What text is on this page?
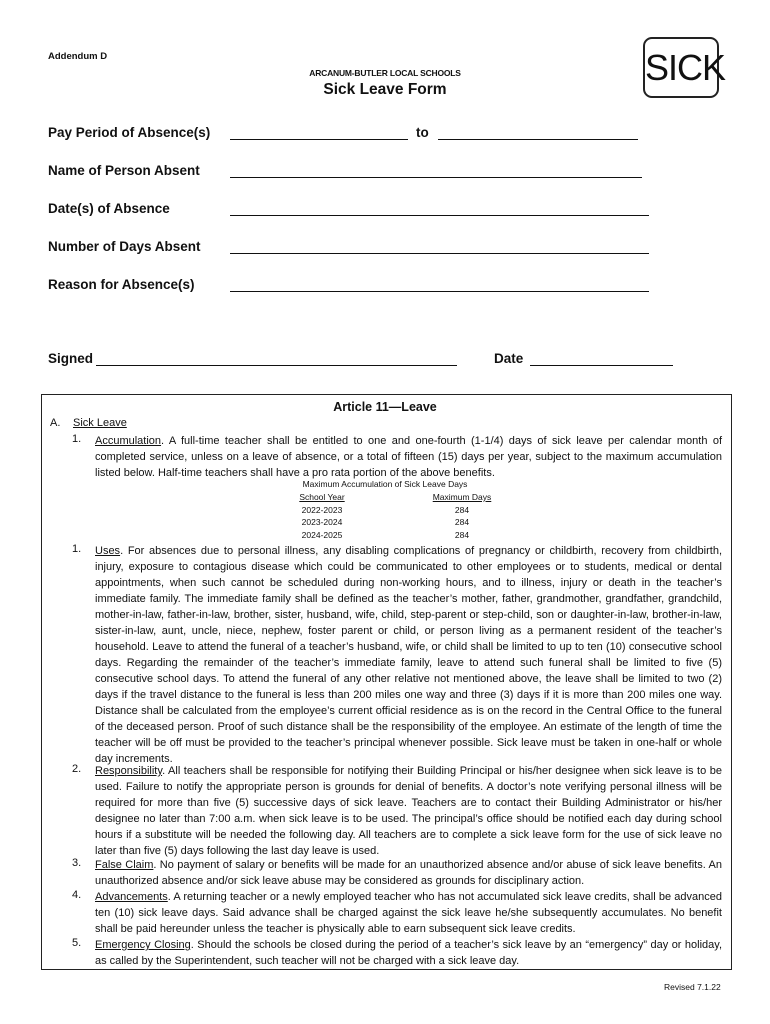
Addendum D
ARCANUM-BUTLER LOCAL SCHOOLS
Sick Leave Form
SICK
Pay Period of Absence(s)	to
Name of Person Absent
Date(s) of Absence
Number of Days Absent
Reason for Absence(s)
Signed	Date
Article 11—Leave
A. Sick Leave
1. Accumulation. A full-time teacher shall be entitled to one and one-fourth (1-1/4) days of sick leave per calendar month of completed service, unless on a leave of absence, or a total of fifteen (15) days per year, subject to the maximum accumulation listed below. Half-time teachers shall have a pro rata portion of the above benefits.
Maximum Accumulation of Sick Leave Days
School Year	Maximum Days
2022-2023	284
2023-2024	284
2024-2025	284
1. Uses. For absences due to personal illness, any disabling complications of pregnancy or childbirth, recovery from childbirth, injury, exposure to contagious disease which could be communicated to other employees or to students, medical or dental appointments, when such cannot be scheduled during non-working hours, and to illness, injury or death in the teacher’s immediate family. The immediate family shall be defined as the teacher’s mother, father, grandmother, grandfather, grandchild, mother-in-law, father-in-law, brother, sister, husband, wife, child, step-parent or step-child, son or daughter-in-law, brother-in-law, sister-in-law, aunt, uncle, niece, nephew, foster parent or child, or person living as a permanent resident of the teacher’s household. Leave to attend the funeral of a teacher’s husband, wife, or child shall be limited to up to ten (10) consecutive school days. Regarding the remainder of the teacher’s immediate family, leave to attend such funeral shall be limited to five (5) consecutive school days. To attend the funeral of any other relative not mentioned above, the leave shall be limited to two (2) days if the travel distance to the funeral is less than 200 miles one way and three (3) days if it is more than 200 miles one way. Distance shall be calculated from the employee’s current official residence as is on the record in the Central Office to the funeral of the deceased person. Proof of such distance shall be the responsibility of the employee. An estimate of the length of time the teacher will be off must be provided to the teacher’s principal whenever possible. Sick leave must be taken in one-half or whole day increments.
2. Responsibility. All teachers shall be responsible for notifying their Building Principal or his/her designee when sick leave is to be used. Failure to notify the appropriate person is grounds for denial of benefits. A doctor’s note verifying personal illness will be required for more than five (5) successive days of sick leave. Teachers are to contact their Building Administrator or his/her designee no later than 7:00 a.m. when sick leave is to be used. The principal’s office should be notified each day during school hours if a substitute will be needed the following day. All teachers are to complete a sick leave form for the use of sick leave no later than five (5) days following the last day leave is used.
3. False Claim. No payment of salary or benefits will be made for an unauthorized absence and/or abuse of sick leave benefits. An unauthorized absence and/or sick leave abuse may be considered as grounds for disciplinary action.
4. Advancements. A returning teacher or a newly employed teacher who has not accumulated sick leave credits, shall be advanced ten (10) sick leave days. Said advance shall be charged against the sick leave he/she subsequently accumulates. No benefit shall be paid hereunder unless the teacher is physically able to earn subsequent sick leave credits.
5. Emergency Closing. Should the schools be closed during the period of a teacher’s sick leave by an “emergency” day or holiday, as called by the Superintendent, such teacher will not be charged with a sick leave day.
Revised 7.1.22
